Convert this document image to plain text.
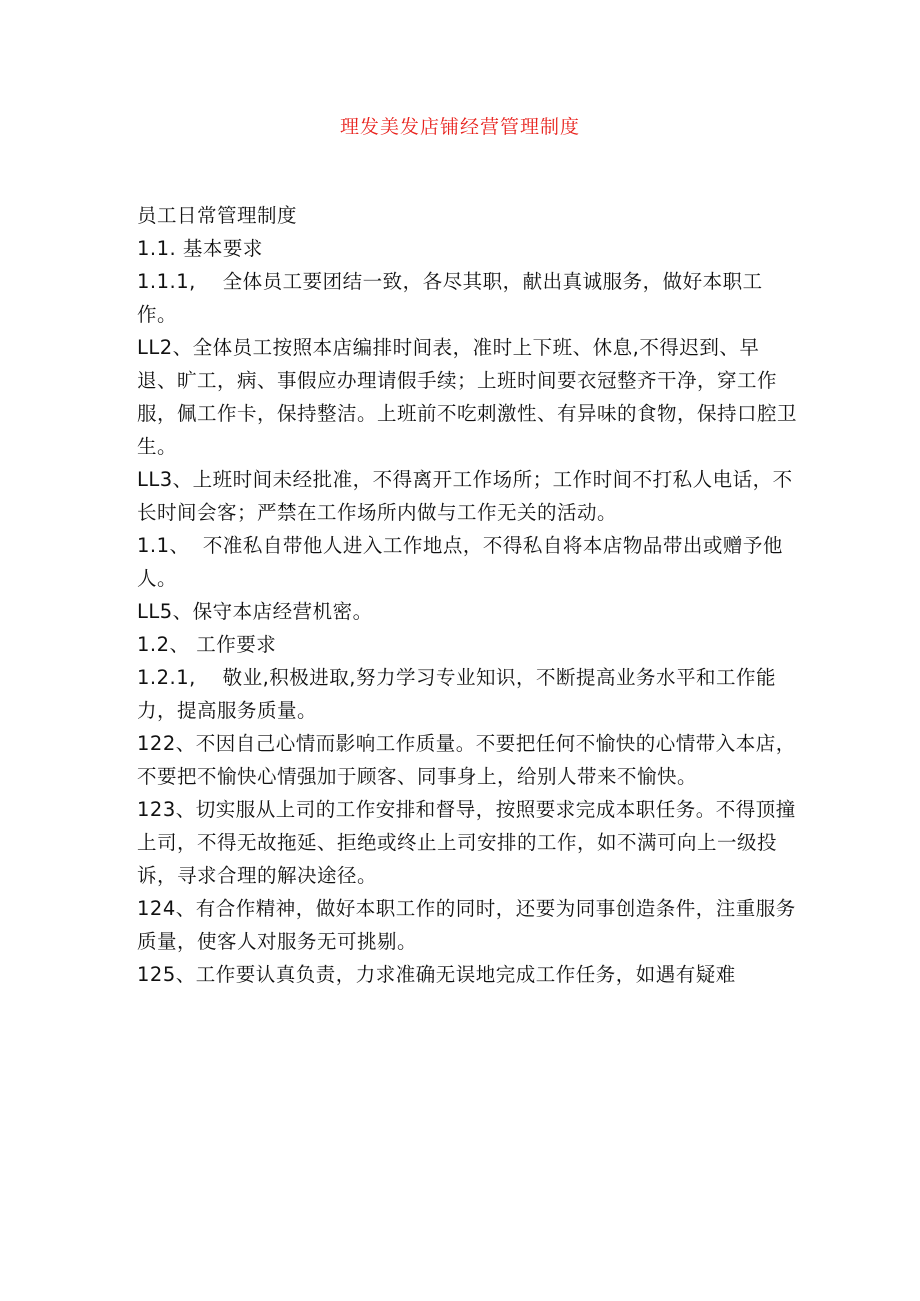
理发美发店铺经营管理制度

员工日常管理制度

1.1. 基本要求

1.1.1,    全体员工要团结一致，各尽其职，献出真诚服务，做好本职工作。

LL2、全体员工按照本店编排时间表，准时上下班、休息,不得迟到、早退、旷工，病、事假应办理请假手续；上班时间要衣冠整齐干净，穿工作服，佩工作卡，保持整洁。上班前不吃刺激性、有异味的食物，保持口腔卫生。

LL3、上班时间未经批准，不得离开工作场所；工作时间不打私人电话，不长时间会客；严禁在工作场所内做与工作无关的活动。

1.1、  不准私自带他人进入工作地点，不得私自将本店物品带出或赠予他人。

LL5、保守本店经营机密。

1.2、 工作要求

1.2.1,    敬业,积极进取,努力学习专业知识，不断提高业务水平和工作能力，提高服务质量。

122、不因自己心情而影响工作质量。不要把任何不愉快的心情带入本店，不要把不愉快心情强加于顾客、同事身上，给别人带来不愉快。

123、切实服从上司的工作安排和督导，按照要求完成本职任务。不得顶撞上司，不得无故拖延、拒绝或终止上司安排的工作，如不满可向上一级投诉，寻求合理的解决途径。

124、有合作精神，做好本职工作的同时，还要为同事创造条件，注重服务质量，使客人对服务无可挑剔。

125、工作要认真负责，力求准确无误地完成工作任务，如遇有疑难
